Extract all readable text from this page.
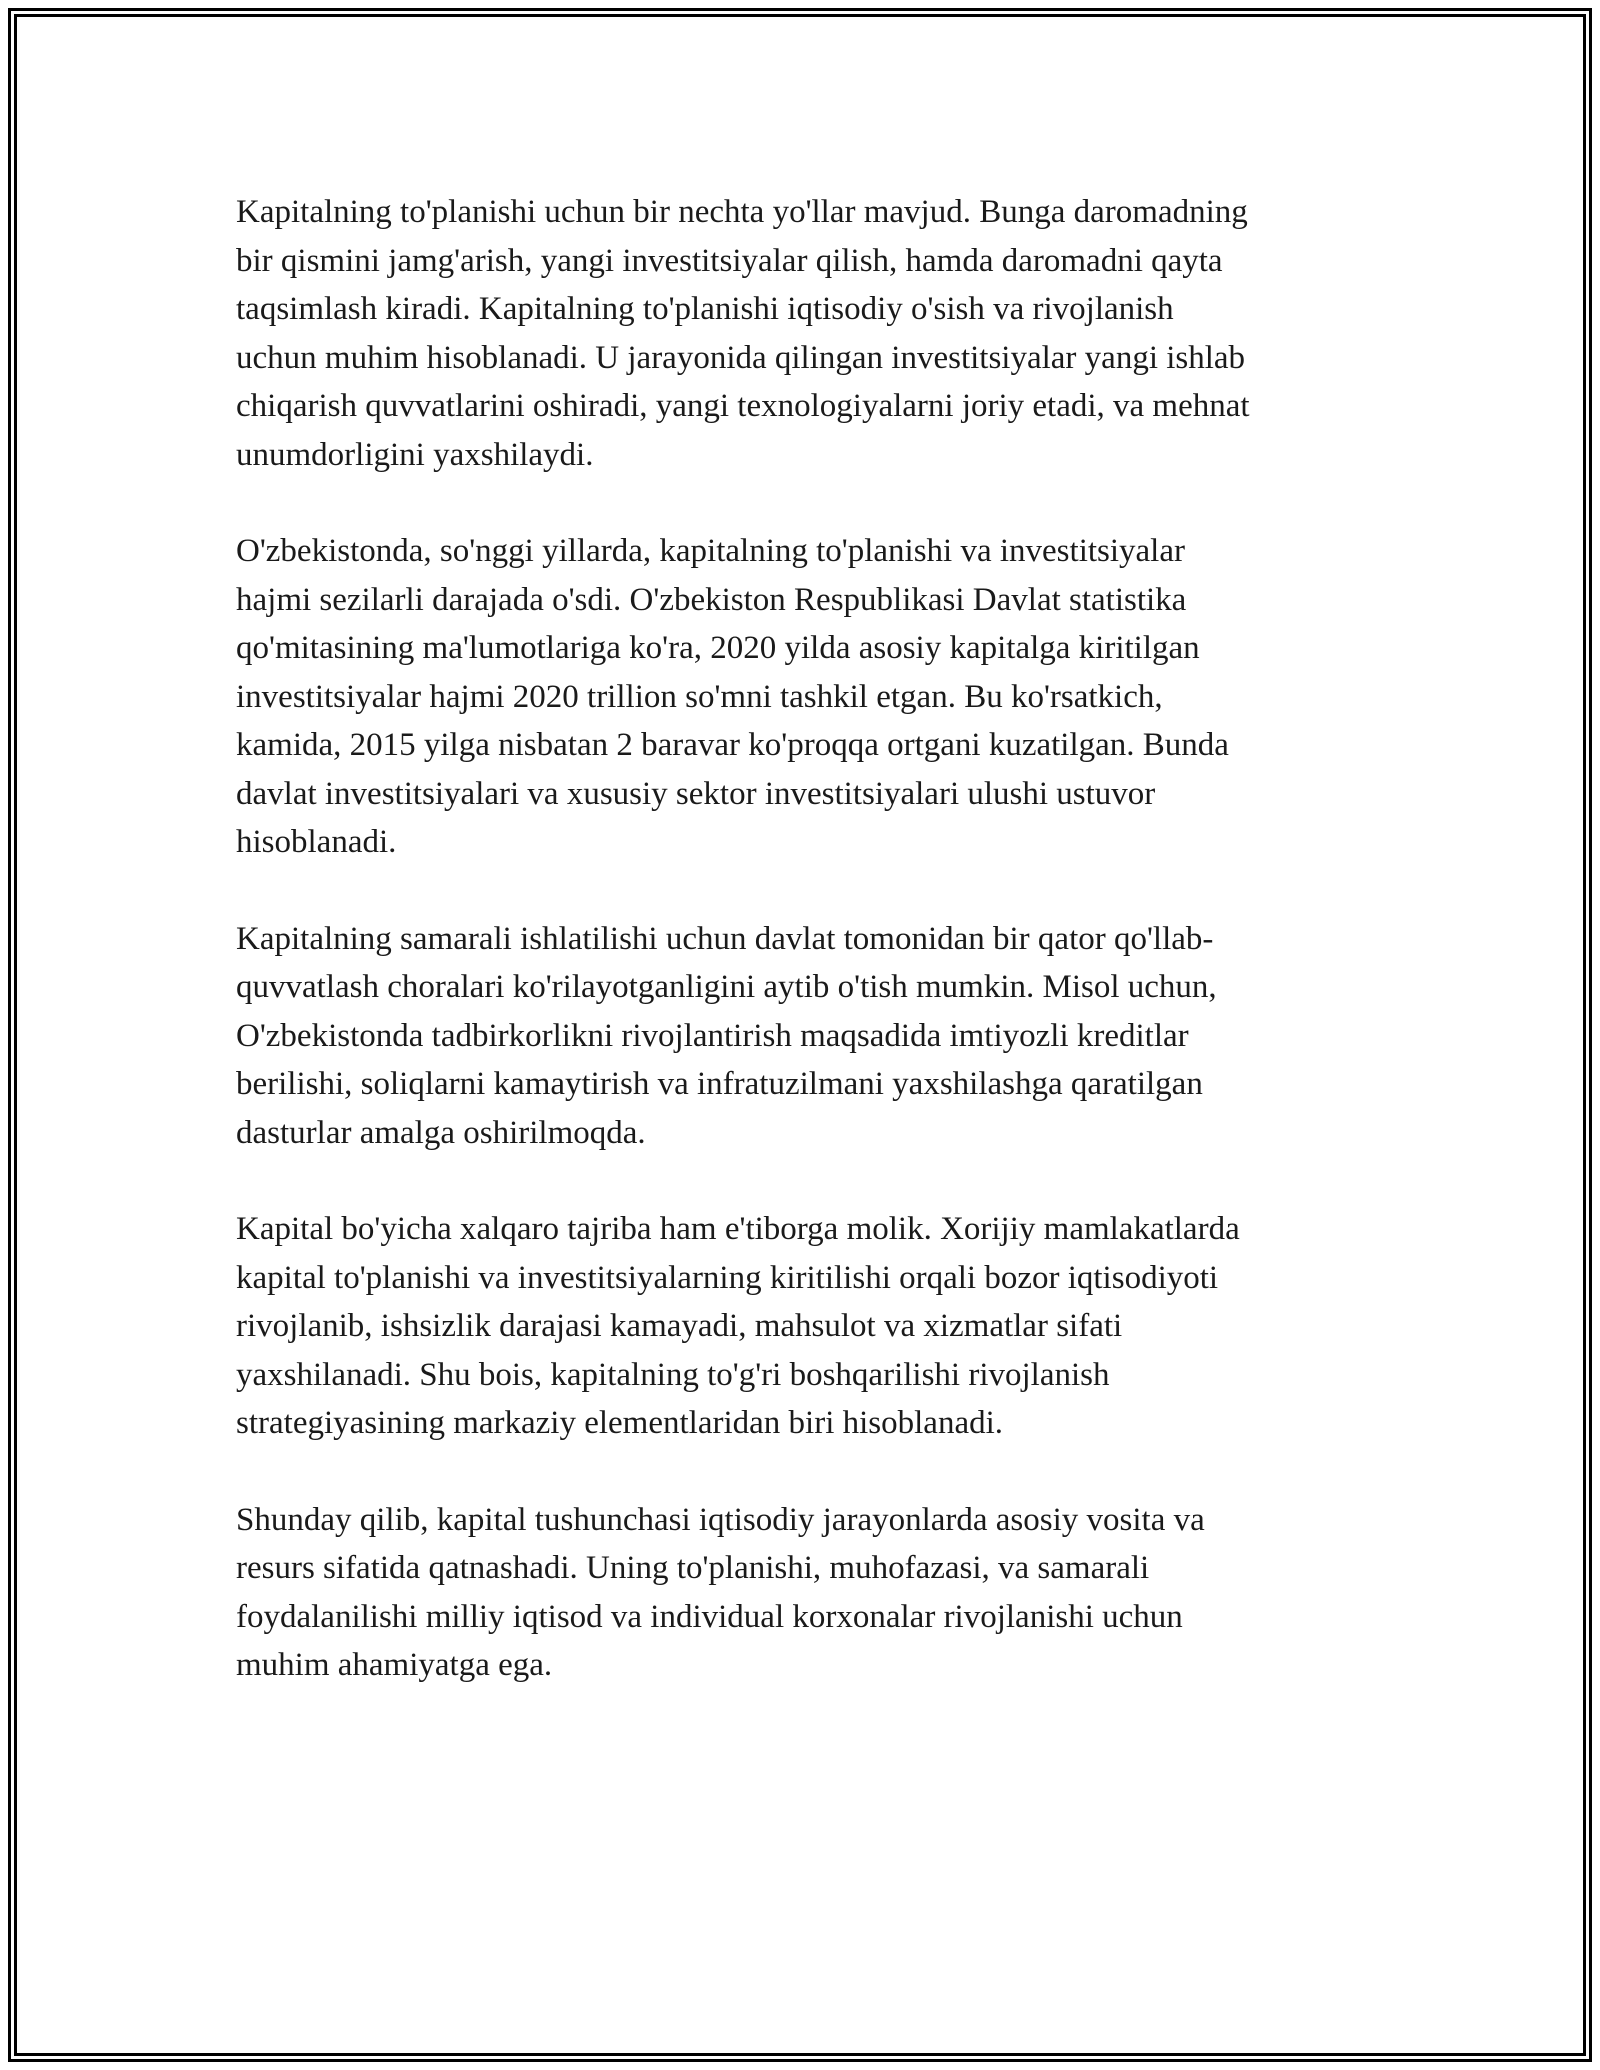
Kapitalning to'planishi uchun bir nechta yo'llar mavjud. Bunga daromadning
bir qismini jamg'arish, yangi investitsiyalar qilish, hamda daromadni qayta
taqsimlash kiradi. Kapitalning to'planishi iqtisodiy o'sish va rivojlanish
uchun muhim hisoblanadi. U jarayonida qilingan investitsiyalar yangi ishlab
chiqarish quvvatlarini oshiradi, yangi texnologiyalarni joriy etadi, va mehnat
unumdorligini yaxshilaydi.

O'zbekistonda, so'nggi yillarda, kapitalning to'planishi va investitsiyalar
hajmi sezilarli darajada o'sdi. O'zbekiston Respublikasi Davlat statistika
qo'mitasining ma'lumotlariga ko'ra, 2020 yilda asosiy kapitalga kiritilgan
investitsiyalar hajmi 2020 trillion so'mni tashkil etgan. Bu ko'rsatkich,
kamida, 2015 yilga nisbatan 2 baravar ko'proqqa ortgani kuzatilgan. Bunda
davlat investitsiyalari va xususiy sektor investitsiyalari ulushi ustuvor
hisoblanadi.

Kapitalning samarali ishlatilishi uchun davlat tomonidan bir qator qo'llab-
quvvatlash choralari ko'rilayotganligini aytib o'tish mumkin. Misol uchun,
O'zbekistonda tadbirkorlikni rivojlantirish maqsadida imtiyozli kreditlar
berilishi, soliqlarni kamaytirish va infratuzilmani yaxshilashga qaratilgan
dasturlar amalga oshirilmoqda.

Kapital bo'yicha xalqaro tajriba ham e'tiborga molik. Xorijiy mamlakatlarda
kapital to'planishi va investitsiyalarning kiritilishi orqali bozor iqtisodiyoti
rivojlanib, ishsizlik darajasi kamayadi, mahsulot va xizmatlar sifati
yaxshilanadi. Shu bois, kapitalning to'g'ri boshqarilishi rivojlanish
strategiyasining markaziy elementlaridan biri hisoblanadi.

Shunday qilib, kapital tushunchasi iqtisodiy jarayonlarda asosiy vosita va
resurs sifatida qatnashadi. Uning to'planishi, muhofazasi, va samarali
foydalanilishi milliy iqtisod va individual korxonalar rivojlanishi uchun
muhim ahamiyatga ega.
